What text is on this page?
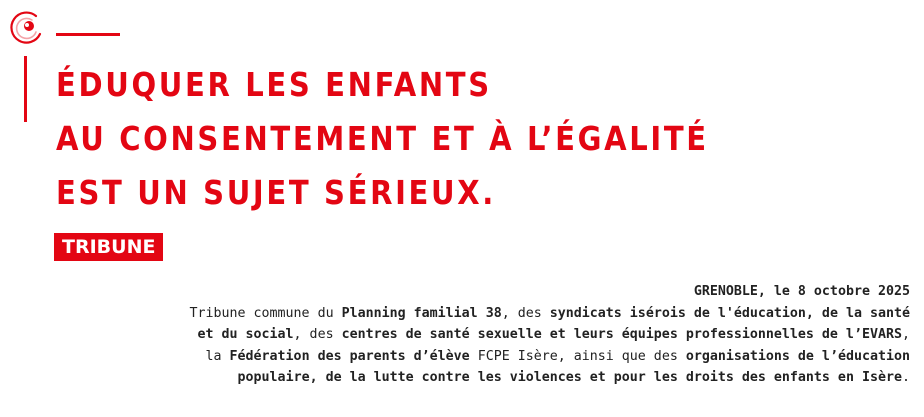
ÉDUQUER LES ENFANTS
AU CONSENTEMENT ET À L’ÉGALITÉ
EST UN SUJET SÉRIEUX.
TRIBUNE
GRENOBLE, le 8 octobre 2025
Tribune commune du Planning familial 38, des syndicats isérois de l'éducation, de la santé
et du social, des centres de santé sexuelle et leurs équipes professionnelles de l’EVARS,
la Fédération des parents d’élève FCPE Isère, ainsi que des organisations de l’éducation
populaire, de la lutte contre les violences et pour les droits des enfants en Isère.
